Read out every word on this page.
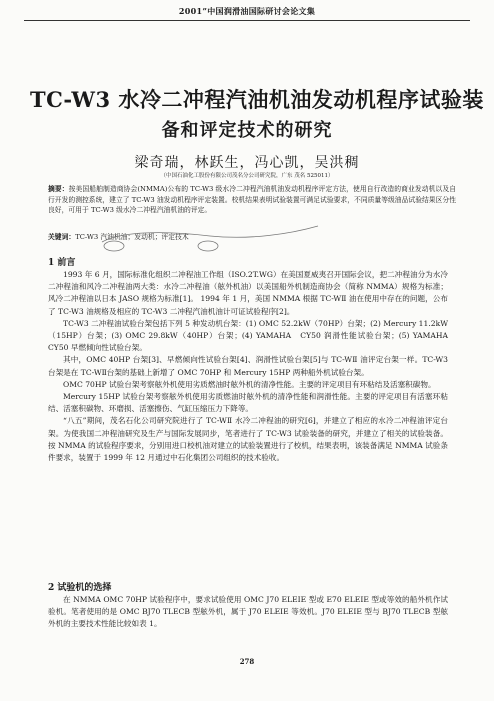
2001”中国润滑油国际研讨会论文集
TC-W3 水冷二冲程汽油机油发动机程序试验装
备和评定技术的研究
梁奇瑞，林跃生，冯心凯，吴洪稠
（中国石油化工股份有限公司茂名分公司研究院，广东 茂名 525011）
摘要：按美国船舶制造商协会(NMMA)公布的 TC-W3 级水冷二冲程汽油机油发动机程序评定方法，使用自行改造的商业发动机以及自行开发的测控系统，建立了 TC-W3 油发动机程序评定装置。校机结果表明试验装置可满足试验要求，不同质量等级油品试验结果区分性良好，可用于 TC-W3 级水冷二冲程汽油机油的评定。
关键词：TC-W3 汽油机油；发动机；评定技术
1 前言

1993 年 6 月，国际标准化组织二冲程油工作组（ISO.2T.WG）在美国夏威夷召开国际会议，把二冲程油分为水冷二冲程油和风冷二冲程油两大类：水冷二冲程油（舷外机油）以美国船外机制造商协会（简称 NMMA）规格为标准；风冷二冲程油以日本 JASO 规格为标准[1]。 1994 年 1 月，美国 NMMA 根据 TC-WⅡ 油在使用中存在的问题，公布了 TC-W3 油规格及相应的 TC-W3 二冲程汽油机油计可证试验程序[2]。

TC-W3 二冲程油试验台架包括下列 5 种发动机台架：(1) OMC 52.2kW（70HP）台架；(2) Mercury 11.2kW（15HP）台架；(3) OMC 29.8kW（40HP）台架；(4) YAMAHA　CY50 润滑性能试验台架；(5) YAMAHA　CY50 早燃倾向性试验台架。

其中，OMC 40HP 台架[3]、早燃倾向性试验台架[4]、润滑性试验台架[5]与 TC-WⅡ 油评定台架一样。TC-W3 台架是在 TC-WⅡ台架的基础上新增了 OMC 70HP 和 Mercury 15HP 两种船外机试验台架。

OMC 70HP 试验台架考察舷外机使用劣质燃油时舷外机的清净性能。主要的评定项目有环粘结及活塞积碳物。

Mercury 15HP 试验台架考察舷外机使用劣质燃油时舷外机的清净性能和润滑性能。主要的评定项目有活塞环粘结、活塞积碳物、环磨损、活塞擦伤、气缸压缩压力下降等。

“八五”期间，茂名石化公司研究院进行了 TC-WⅡ 水冷二冲程油的研究[6]，并建立了相应的水冷二冲程油评定台架。为使我国二冲程油研究及生产与国际发展同步，笔者进行了 TC-W3 试验装备的研究，并建立了相关的试验装备。按 NMMA 的试验程序要求，分别用进口校机油对建立的试验装置进行了校机，结果表明，该装备满足 NMMA 试验条件要求，装置于 1999 年 12 月通过中石化集团公司组织的技术验收。

2 试验机的选择

在 NMMA OMC 70HP 试验程序中，要求试验使用 OMC J70 ELEIE 型或 E70 ELEIE 型或等效的船外机作试验机。笔者使用的是 OMC BJ70 TLECB 型舷外机，属于 J70 ELEIE 等效机。J70 ELEIE 型与 BJ70 TLECB 型舷外机的主要技术性能比较如表 1。

278
